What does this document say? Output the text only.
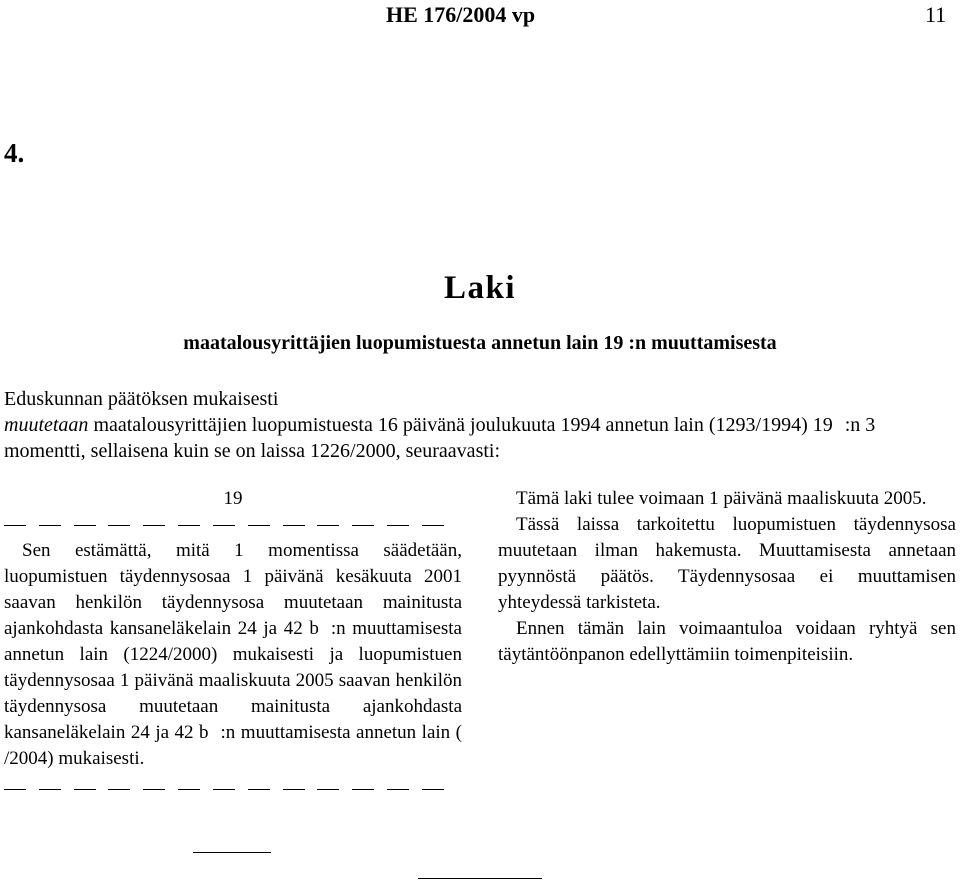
HE 176/2004 vp	11
4.
Laki
maatalousyrittäjien luopumistuesta annetun lain 19 :n muuttamisesta

Eduskunnan päätöksen mukaisesti

muutetaan maatalousyrittäjien luopumistuesta 16 päivänä joulukuuta 1994 annetun lain (1293/1994) 19 :n 3 momentti, sellaisena kuin se on laissa 1226/2000, seuraavasti:

19

Sen estämättä, mitä 1 momentissa säädetään, luopumistuen täydennysosaa 1 päivänä kesäkuuta 2001 saavan henkilön täydennysosa muutetaan mainitusta ajankohdasta kansaneläkelain 24 ja 42 b :n muuttamisesta annetun lain (1224/2000) mukaisesti ja luopumistuen täydennysosaa 1 päivänä maaliskuuta 2005 saavan henkilön täydennysosa muutetaan mainitusta ajankohdasta kansaneläkelain 24 ja 42 b :n muuttamisesta annetun lain ( /2004) mukaisesti.

Tämä laki tulee voimaan 1 päivänä maaliskuuta 2005.

Tässä laissa tarkoitettu luopumistuen täydennysosa muutetaan ilman hakemusta. Muuttamisesta annetaan pyynnöstä päätös. Täydennysosaa ei muuttamisen yhteydessä tarkisteta.

Ennen tämän lain voimaantuloa voidaan ryhtyä sen täytäntöönpanon edellyttämiin toimenpiteisiin.
